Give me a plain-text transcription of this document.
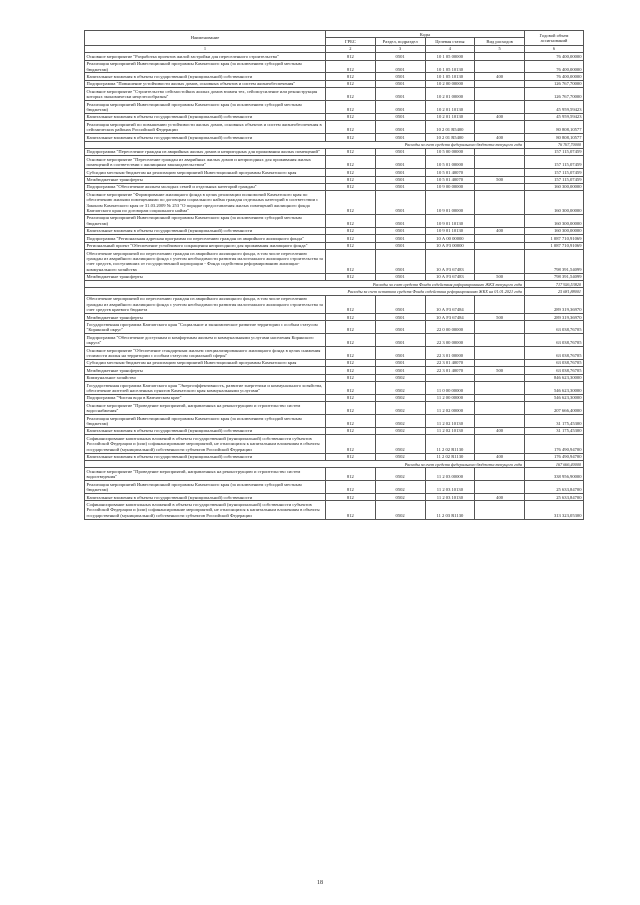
Наименование	Коды				Годовой объем ассигнований
	ГРБС	Раздел, подраздел	Целевая статья	Вид расходов	
1	2	3	4	5	6
Основное мероприятие "Разработка проектов жилой застройки для переселенного строительства"	812	0501	10 1 05 00000		76 400,00000
Реализация мероприятий Инвестиционной программы Камчатского края (за исключением субсидий местным бюджетам)	812	0501	10 1 05 10130		76 400,00000
Капитальные вложения в объекты государственной (муниципальной) собственности	812	0501	10 1 05 10130	400	76 400,00000
Подпрограмма "Повышение устойчивости жилых домов, основных объектов и систем жизнеобеспечения"	812	0501	10 2 00 00000		126 767,70000
Основное мероприятие "Строительство сейсмостойких жилых домов взамен тех, сейсмоусиление или реконструкция которых экономически нецелесообразны"	812	0501	10 2 01 00000		126 767,70000
Реализация мероприятий Инвестиционной программы Камчатского края (за исключением субсидий местным бюджетам)	812	0501	10 2 01 10130		45 959,59423
Капитальные вложения в объекты государственной (муниципальной) собственности	812	0501	10 2 01 10130	400	45 959,59423
Реализация мероприятий по повышению устойчивости жилых домов, основных объектов и систем жизнеобеспечения в сейсмических районах Российской Федерации	812	0501	10 2 01 R5400		80 808,10577
Капитальные вложения в объекты государственной (муниципальной) собственности	812	0501	10 2 01 R5400	400	80 808,10577
Расходы за счет средств федерального бюджета текущего года					76 767,70000
Подпрограмма "Переселение граждан из аварийных жилых домов и непригодных для проживания жилых помещений"	812	0501	10 5 00 00000		157 115,07459
Основное мероприятие "Переселение граждан из аварийных жилых домов и непригодных для проживания жилых помещений в соответствии с жилищным законодательством"	812	0501	10 5 01 00000		157 115,07459
Субсидии местным бюджетам на реализацию мероприятий Инвестиционной программы Камчатского края	812	0501	10 5 01 40070		157 115,07459
Межбюджетные трансферты	812	0501	10 5 01 40070	500	157 115,07459
Подпрограмма "Обеспечение жильем молодых семей и отдельных категорий граждан"	812	0501	10 9 00 00000		160 300,00000
Основное мероприятие "Формирование жилищного фонда в целях реализации полномочий Камчатского края по обеспечению жилыми помещениями по договорам социального найма граждан отдельных категорий в соответствии с Законом Камчатского края от 31.03.2009 № 253 "О порядке предоставления жилых помещений жилищного фонда Камчатского края по договорам социального найма"	812	0501	10 9 01 00000		160 300,00000
Реализация мероприятий Инвестиционной программы Камчатского края (за исключением субсидий местным бюджетам)	812	0501	10 9 01 10130		160 300,00000
Капитальные вложения в объекты государственной (муниципальной) собственности	812	0501	10 9 01 10130	400	160 300,00000
Подпрограмма "Региональная адресная программа по переселению граждан из аварийного жилищного фонда"	812	0501	10 А 00 00000		1 087 710,91069
Региональный проект "Обеспечение устойчивого сокращения непригодного для проживания жилищного фонда"	812	0501	10 А F3 00000		1 087 710,91069
Обеспечение мероприятий по переселению граждан из аварийного жилищного фонда, в том числе переселению граждан из аварийного жилищного фонда с учетом необходимости развития малоэтажного жилищного строительства за счет средств, поступивших от государственной корпорации - Фонда содействия реформированию жилищно-коммунального хозяйства	812	0501	10 А F3 67483		798 391,54099
Межбюджетные трансферты	812	0501	10 А F3 67483	500	798 391,54099
Расходы за счет средств Фонда содействия реформированию ЖКХ текущего года					717 926,53820
Расходы за счет остатков средств Фонда содействия реформированию ЖКХ на 01.01.2021 года					25 681,88001
Обеспечение мероприятий по переселению граждан из аварийного жилищного фонда, в том числе переселению граждан из аварийного жилищного фонда с учетом необходимости развития малоэтажного жилищного строительства за счет средств краевого бюджета	812	0501	10 А F3 67484		289 319,36970
Межбюджетные трансферты	812	0501	10 А F3 67484	500	289 319,36970
Государственная программа Камчатского края "Социальное и экономическое развитие территории с особым статусом "Корякский округ"	812	0501	22 0 00 00000		63 038,76705
Подпрограмма "Обеспечение доступным и комфортным жильем и коммунальными услугами населения Корякского округа"	812	0501	22 3 00 00000		63 038,76705
Основное мероприятие "Обеспечение стандартным жильем специализированного жилищного фонда в целях снижения стоимости жилья на территории с особым статусом социальной сферы"	812	0501	22 3 01 00000		63 038,76705
Субсидии местным бюджетам на реализацию мероприятий Инвестиционной программы Камчатского края	812	0501	22 3 01 40070		63 038,76705
Межбюджетные трансферты	812	0501	22 3 01 40070	500	63 038,76705
Коммунальное хозяйство	812	0502			846 623,30000
Государственная программа Камчатского края "Энергоэффективность, развитие энергетики и коммунального хозяйства, обеспечение жителей населенных пунктов Камчатского края коммунальными услугами"	812	0502	11 0 00 00000		546 623,30000
Подпрограмма "Чистая вода в Камчатском крае"	812	0502	11 2 00 00000		546 623,30000
Основное мероприятие "Проведение мероприятий, направленных на реконструкцию и строительство систем водоснабжения"	812	0502	11 2 02 00000		207 666,40000
Реализация мероприятий Инвестиционной программы Камчатского края (за исключением субсидий местным бюджетам)	812	0502	11 2 02 10130		31 175,45300
Капитальные вложения в объекты государственной (муниципальной) собственности	812	0502	11 2 02 10130	400	31 175,45300
Софинансирование капитальных вложений в объекты государственной (муниципальной) собственности субъектов Российской Федерации и (или) софинансирование мероприятий, не относящихся к капитальным вложениям в объекты государственной (муниципальной) собственности субъектов Российской Федерации	812	0502	11 2 02 R1130		176 490,94700
Капитальные вложения в объекты государственной (муниципальной) собственности	812	0502	11 2 02 R1130	400	176 490,94700
Расходы за счет средств федерального бюджета текущего года					167 666,40000
Основное мероприятие "Проведение мероприятий, направленных на реконструкцию и строительство систем водоотведения"	812	0502	11 2 03 00000		338 956,90000
Реализация мероприятий Инвестиционной программы Камчатского края (за исключением субсидий местным бюджетам)	812	0502	11 2 03 10130		25 633,84700
Капитальные вложения в объекты государственной (муниципальной) собственности	812	0502	11 2 03 10130	400	25 633,84700
Софинансирование капитальных вложений в объекты государственной (муниципальной) собственности субъектов Российской Федерации и (или) софинансирование мероприятий, не относящихся к капитальным вложениям в объекты государственной (муниципальной) собственности субъектов Российской Федерации	812	0502	11 2 03 R1130		313 323,05300
18
